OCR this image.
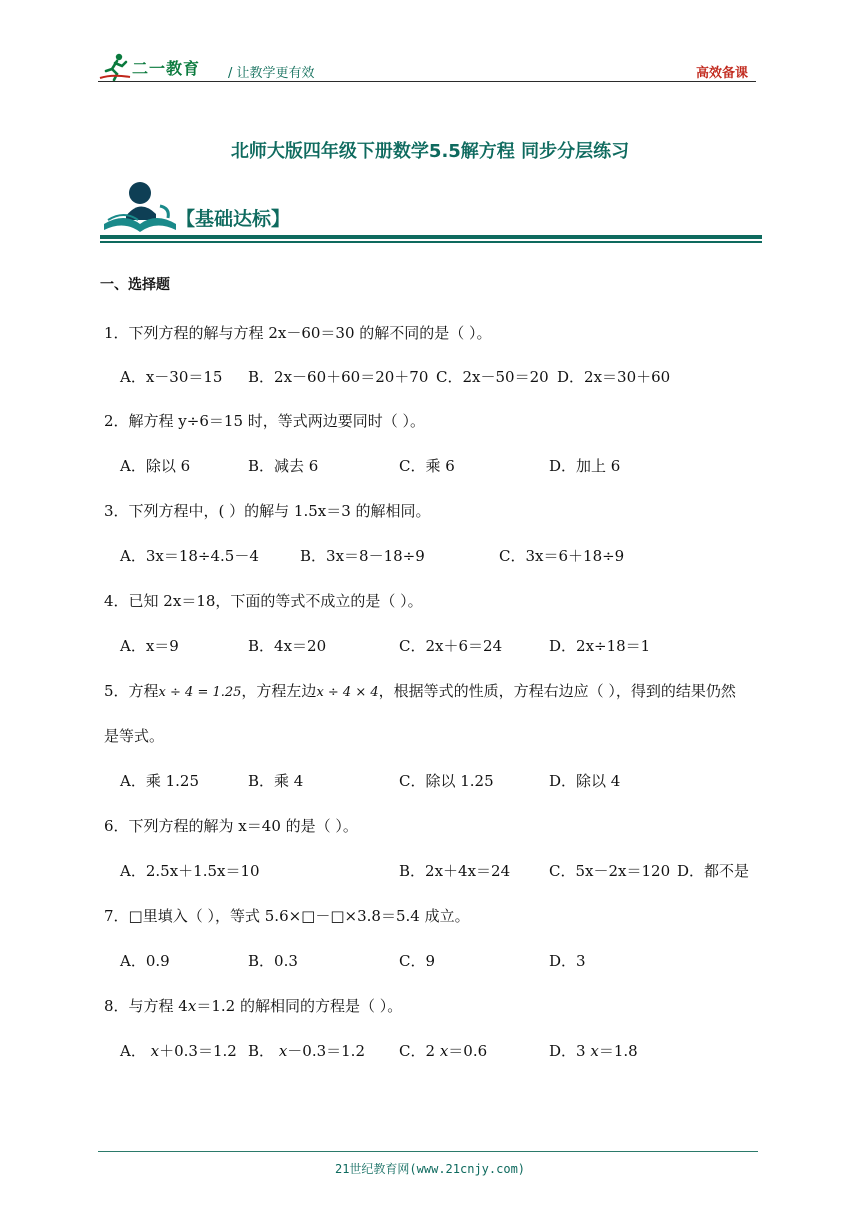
二一教育 / 让教学更有效	高效备课
北师大版四年级下册数学5.5解方程 同步分层练习
【基础达标】
一、选择题
1．下列方程的解与方程 2x－60＝30 的解不同的是（ ）。
A．x－30＝15 B．2x－60＋60＝20＋70 C．2x－50＝20 D．2x＝30＋60
2．解方程 y÷6＝15 时，等式两边要同时（ ）。
A．除以 6	B．减去 6	C．乘 6	D．加上 6
3．下列方程中，( ）的解与 1.5x＝3 的解相同。
A．3x＝18÷4.5－4	B．3x＝8－18÷9	C．3x＝6＋18÷9
4．已知 2x＝18，下面的等式不成立的是（ ）。
A．x＝9	B．4x＝20	C．2x＋6＝24	D．2x÷18＝1
5．方程x ÷ 4 = 1.25，方程左边x ÷ 4 × 4，根据等式的性质，方程右边应（ ），得到的结果仍然
是等式。
A．乘 1.25	B．乘 4	C．除以 1.25	D．除以 4
6．下列方程的解为 x＝40 的是（ ）。
A．2.5x＋1.5x＝10	B．2x＋4x＝24	C．5x－2x＝120 D．都不是
7．□里填入（ ），等式 5.6×□－□×3.8＝5.4 成立。
A．0.9	B．0.3	C．9	D．3
8．与方程 4x＝1.2 的解相同的方程是（ ）。
A． x＋0.3＝1.2 B． x－0.3＝1.2 C．2 x＝0.6	D．3 x＝1.8
21世纪教育网(www.21cnjy.com)
